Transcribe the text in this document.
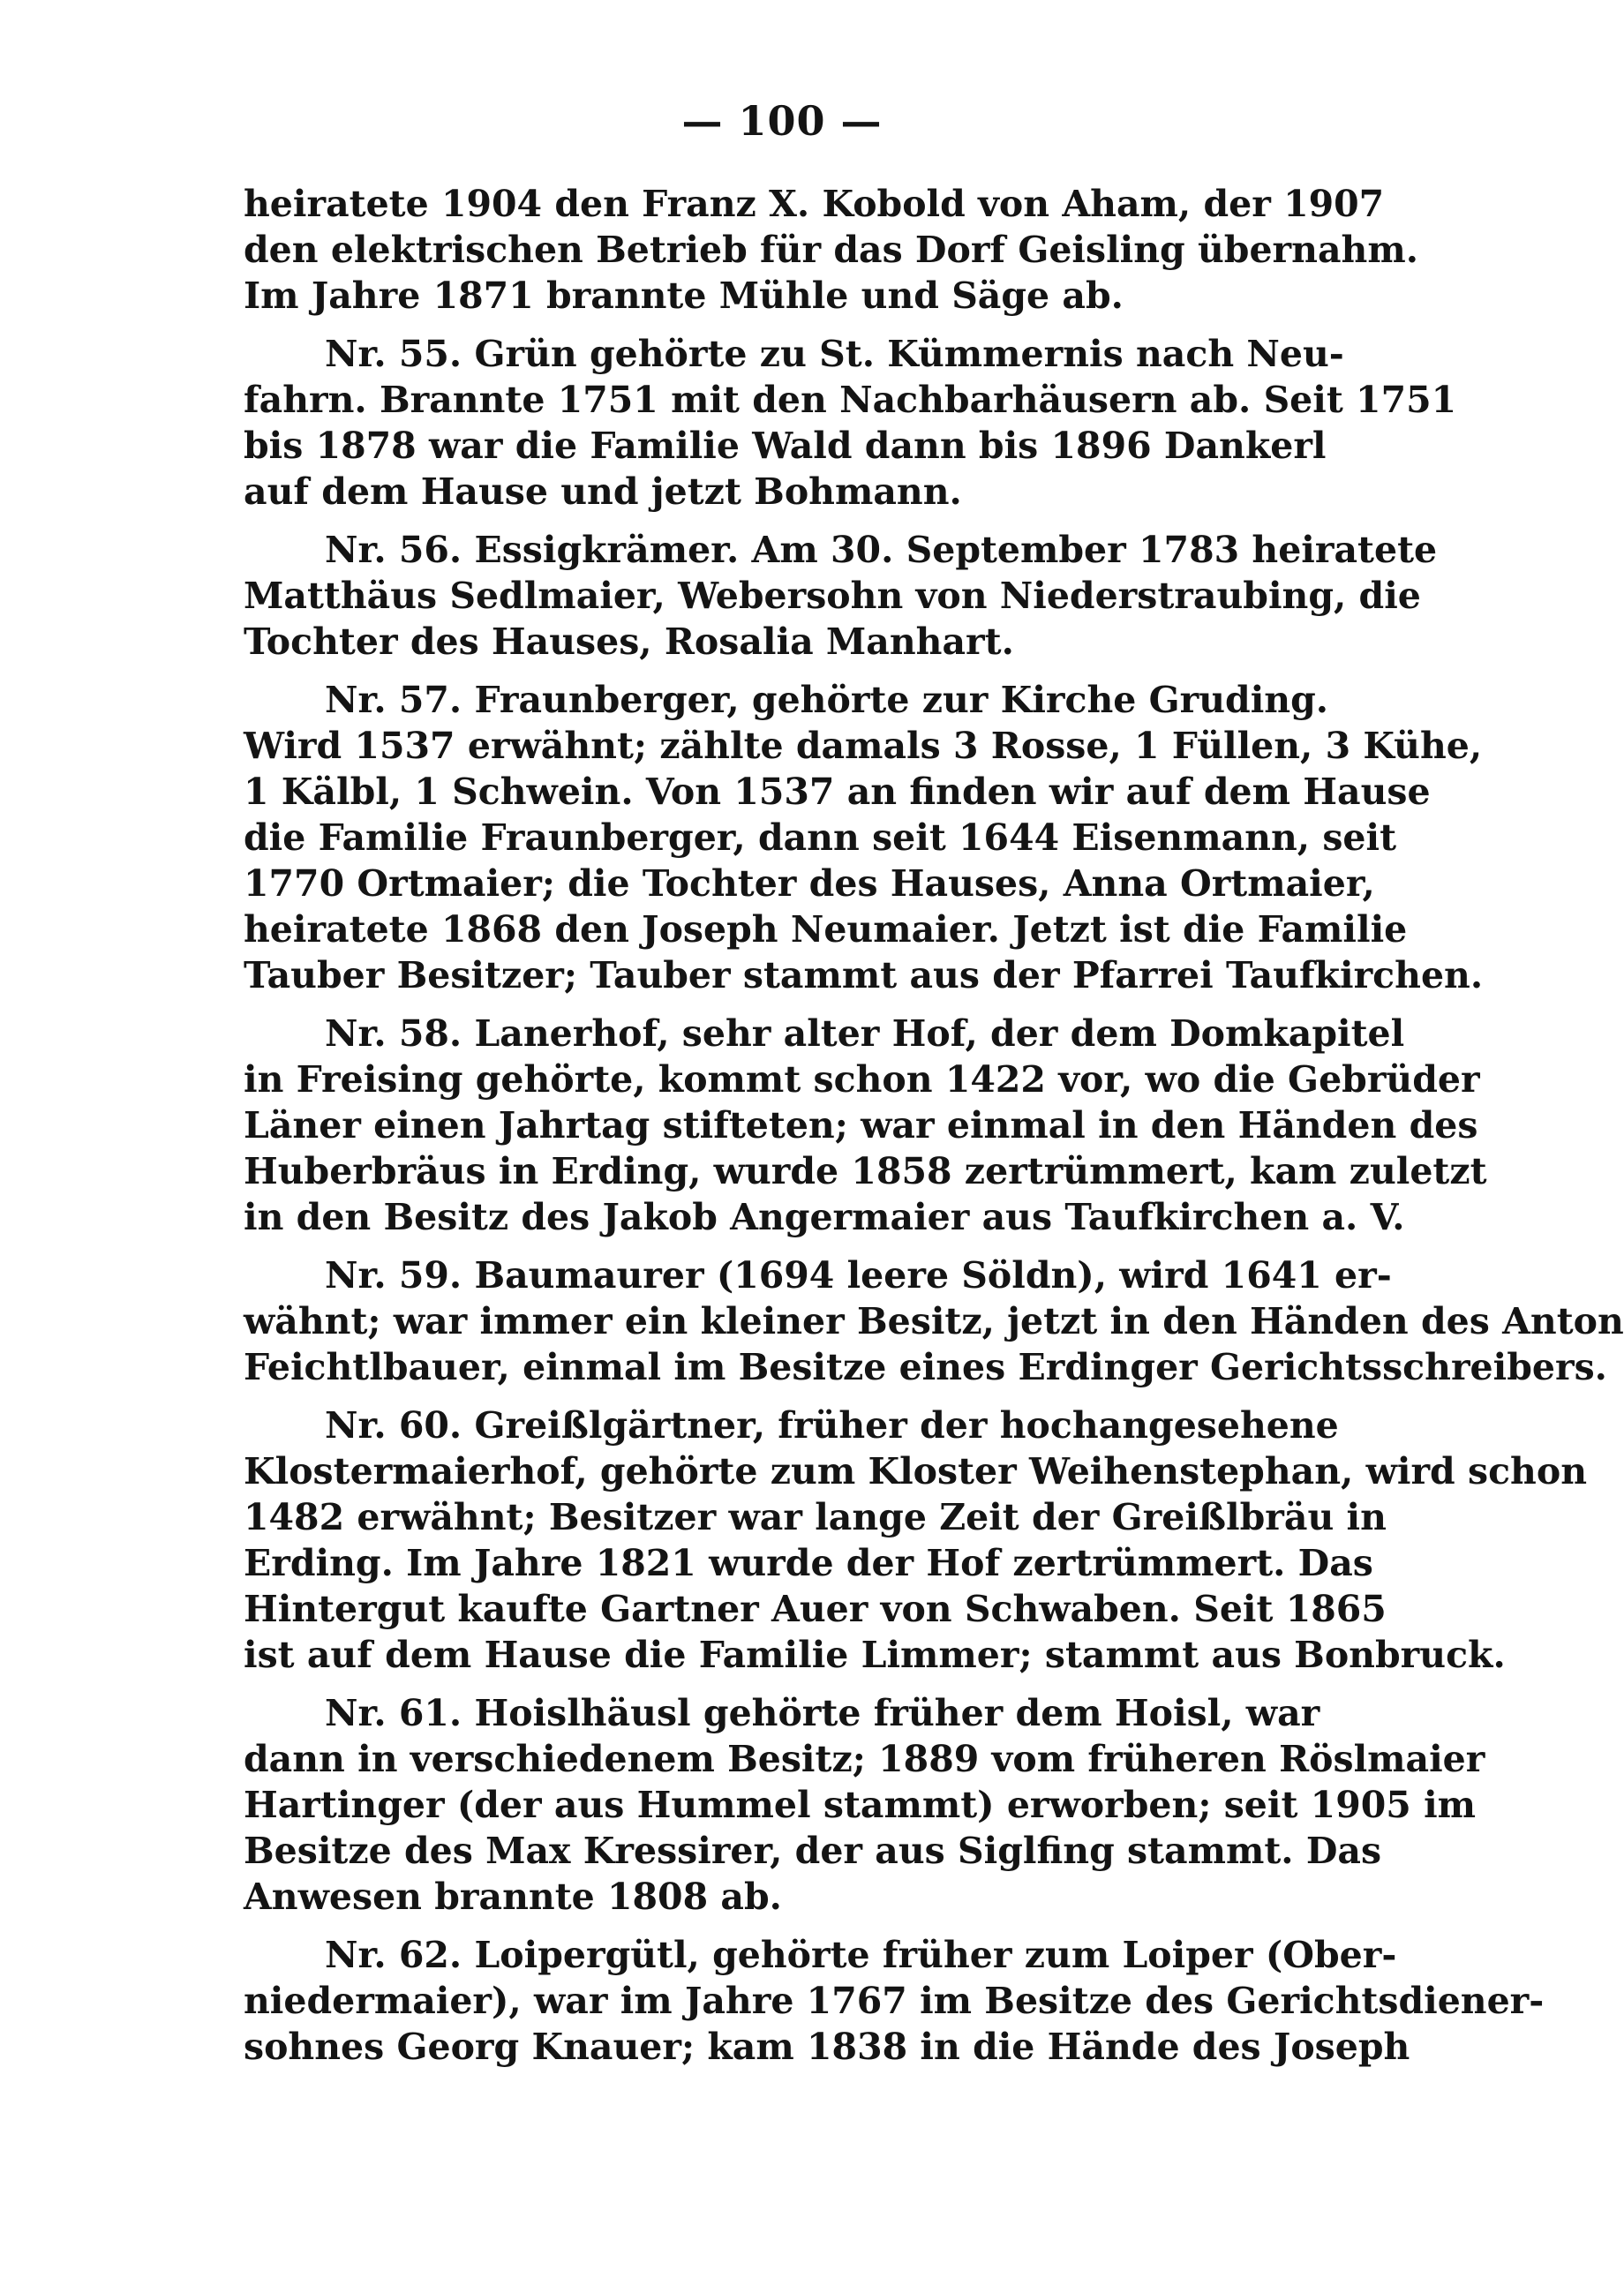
— 100 —

heiratete 1904 den Franz X. Kobold von Aham, der 1907
den elektrischen Betrieb für das Dorf Geisling übernahm.
Im Jahre 1871 brannte Mühle und Säge ab.

Nr. 55. Grün gehörte zu St. Kümmernis nach Neu-
fahrn. Brannte 1751 mit den Nachbarhäusern ab. Seit 1751
bis 1878 war die Familie Wald dann bis 1896 Dankerl
auf dem Hause und jetzt Bohmann.

Nr. 56. Essigkrämer. Am 30. September 1783 heiratete
Matthäus Sedlmaier, Webersohn von Niederstraubing, die
Tochter des Hauses, Rosalia Manhart.

Nr. 57. Fraunberger, gehörte zur Kirche Gruding.
Wird 1537 erwähnt; zählte damals 3 Rosse, 1 Füllen, 3 Kühe,
1 Kälbl, 1 Schwein. Von 1537 an finden wir auf dem Hause
die Familie Fraunberger, dann seit 1644 Eisenmann, seit
1770 Ortmaier; die Tochter des Hauses, Anna Ortmaier,
heiratete 1868 den Joseph Neumaier. Jetzt ist die Familie
Tauber Besitzer; Tauber stammt aus der Pfarrei Taufkirchen.

Nr. 58. Lanerhof, sehr alter Hof, der dem Domkapitel
in Freising gehörte, kommt schon 1422 vor, wo die Gebrüder
Läner einen Jahrtag stifteten; war einmal in den Händen des
Huberbräus in Erding, wurde 1858 zertrümmert, kam zuletzt
in den Besitz des Jakob Angermaier aus Taufkirchen a. V.

Nr. 59. Baumaurer (1694 leere Söldn), wird 1641 er-
wähnt; war immer ein kleiner Besitz, jetzt in den Händen des Anton
Feichtlbauer, einmal im Besitze eines Erdinger Gerichtsschreibers.

Nr. 60. Greißlgärtner, früher der hochangesehene
Klostermaierhof, gehörte zum Kloster Weihenstephan, wird schon
1482 erwähnt; Besitzer war lange Zeit der Greißlbräu in
Erding. Im Jahre 1821 wurde der Hof zertrümmert. Das
Hintergut kaufte Gartner Auer von Schwaben. Seit 1865
ist auf dem Hause die Familie Limmer; stammt aus Bonbruck.

Nr. 61. Hoislhäusl gehörte früher dem Hoisl, war
dann in verschiedenem Besitz; 1889 vom früheren Röslmaier
Hartinger (der aus Hummel stammt) erworben; seit 1905 im
Besitze des Max Kressirer, der aus Siglfing stammt. Das
Anwesen brannte 1808 ab.

Nr. 62. Loipergütl, gehörte früher zum Loiper (Ober-
niedermaier), war im Jahre 1767 im Besitze des Gerichtsdiener-
sohnes Georg Knauer; kam 1838 in die Hände des Joseph
